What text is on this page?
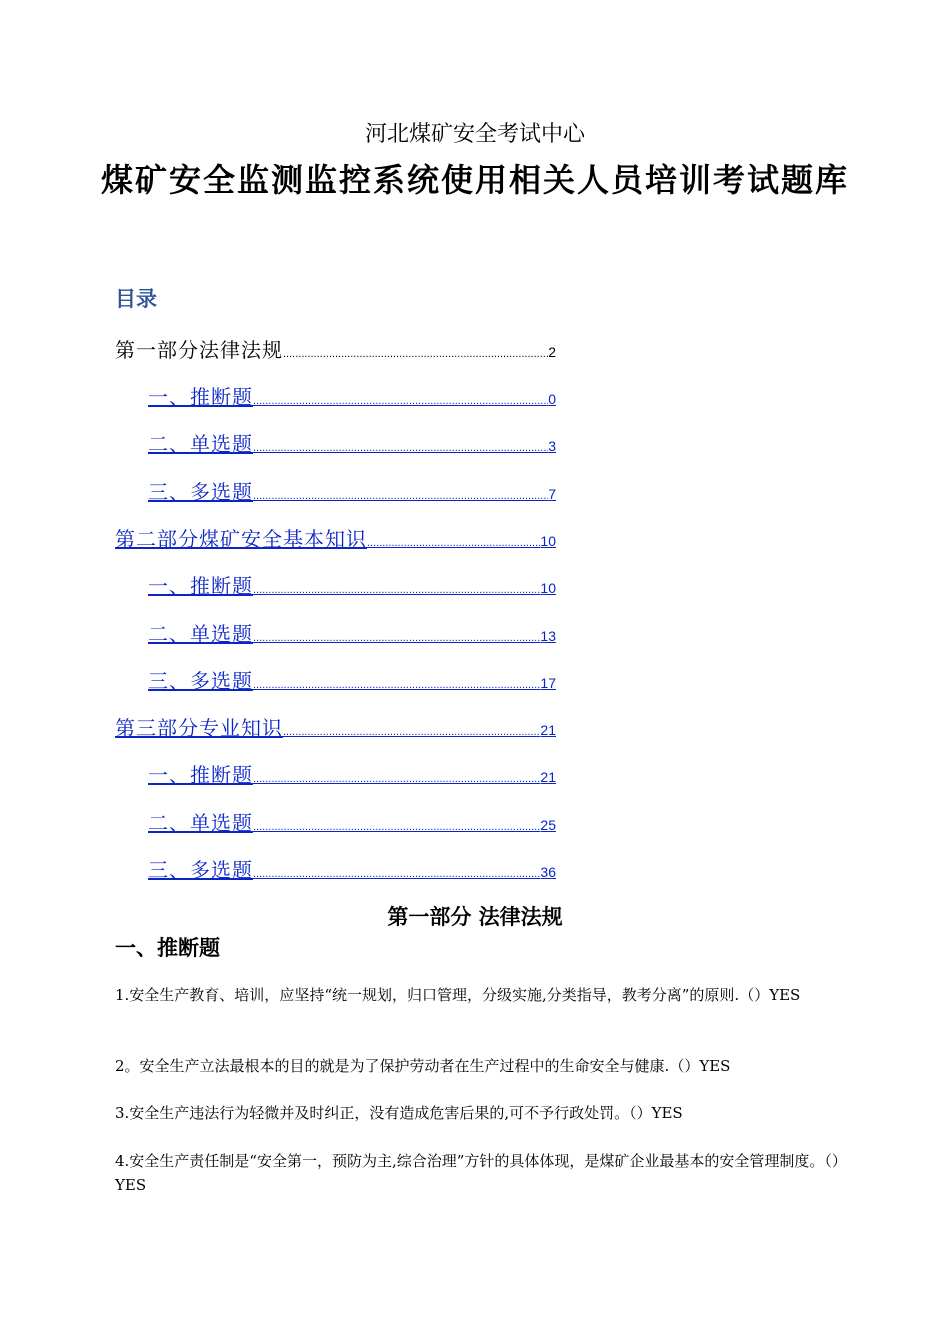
河北煤矿安全考试中心
煤矿安全监测监控系统使用相关人员培训考试题库
目录
第一部分法律法规 .....	2
一、推断题 .....	0
二、单选题 .....	3
三、多选题 .....	7
第二部分煤矿安全基本知识 .....	10
一、推断题 .....	10
二、单选题 .....	13
三、多选题 .....	17
第三部分专业知识 .....	21
一、推断题 .....	21
二、单选题 .....	25
三、多选题 .....	36
第一部分 法律法规
一、推断题
1.安全生产教育、培训，应坚持“统一规划，归口管理，分级实施,分类指导，教考分离”的原则.（）YES
2。安全生产立法最根本的目的就是为了保护劳动者在生产过程中的生命安全与健康.（）YES
3.安全生产违法行为轻微并及时纠正，没有造成危害后果的,可不予行政处罚。（）YES
4.安全生产责任制是“安全第一，预防为主,综合治理”方针的具体体现，是煤矿企业最基本的安全管理制度。（）YES
